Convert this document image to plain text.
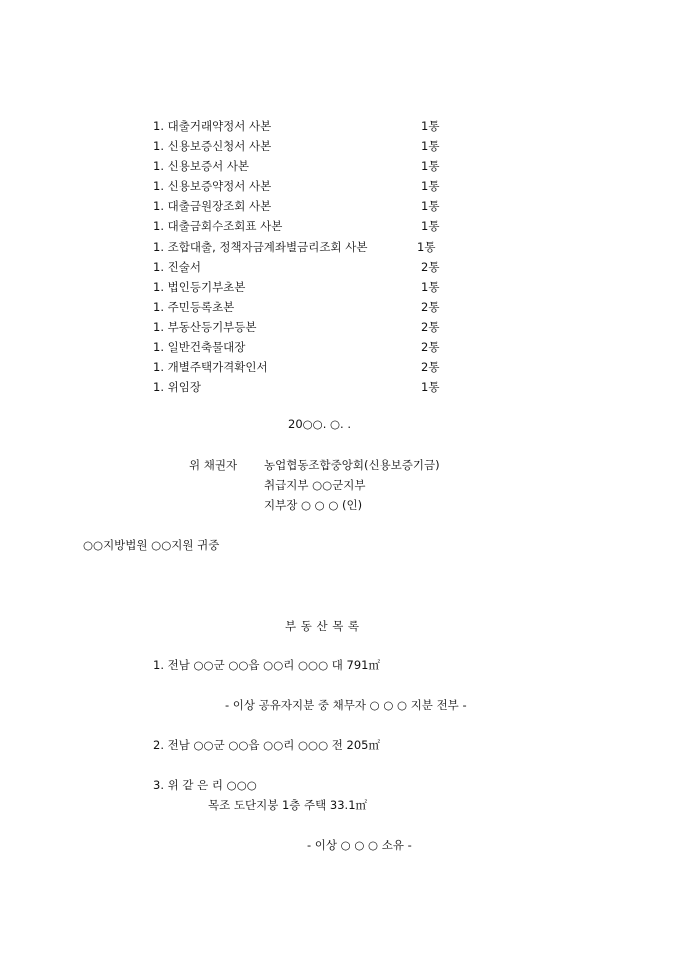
1. 대출거래약정서 사본	1통
1. 신용보증신청서 사본	1통
1. 신용보증서 사본	1통
1. 신용보증약정서 사본	1통
1. 대출금원장조회 사본	1통
1. 대출금회수조회표 사본	1통
1. 조합대출, 정책자금계좌별금리조회 사본	1통
1. 진술서	2통
1. 법인등기부초본	1통
1. 주민등록초본	2통
1. 부동산등기부등본	2통
1. 일반건축물대장	2통
1. 개별주택가격확인서	2통
1. 위임장	1통
20○○. ○. .
위 채권자 농업협동조합중앙회(신용보증기금)
취급지부 ○○군지부
지부장 ○ ○ ○ (인)
○○지방법원 ○○지원 귀중
부 동 산 목 록
1. 전남 ○○군 ○○읍 ○○리 ○○○ 대 791㎡
- 이상 공유자지분 중 채무자 ○ ○ ○ 지분 전부 -
2. 전남 ○○군 ○○읍 ○○리 ○○○ 전 205㎡
3. 위 같 은 리 ○○○
목조 도단지붕 1층 주택 33.1㎡
- 이상 ○ ○ ○ 소유 -
